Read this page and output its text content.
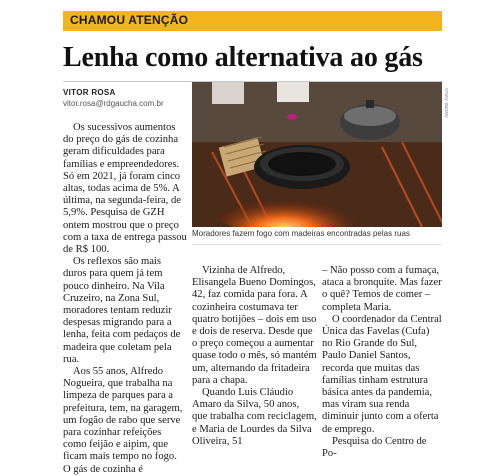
CHAMOU ATENÇÃO
Lenha como alternativa ao gás
VITOR ROSA
vitor.rosa@rdgaucha.com.br	ANDRÉ ÁVILA
Moradores fazem fogo com madeiras encontradas pelas ruas

Os sucessivos aumentos do preço do gás de cozinha geram dificuldades para famílias e empreendedores. Só em 2021, já foram cinco altas, todas acima de 5%. A última, na segunda-feira, de 5,9%. Pesquisa de GZH ontem mostrou que o preço com a taxa de entrega passou de R$ 100.

Os reflexos são mais duros para quem já tem pouco dinheiro. Na Vila Cruzeiro, na Zona Sul, moradores tentam reduzir despesas migrando para a lenha, feita com pedaços de madeira que coletam pela rua.

Aos 55 anos, Alfredo Nogueira, que trabalha na limpeza de parques para a prefeitura, tem, na garagem, um fogão de rabo que serve para cozinhar refeições como feijão e aipim, que ficam mais tempo no fogo. O gás de cozinha é

Vizinha de Alfredo, Elisangela Bueno Domingos, 42, faz comida para fora. A cozinheira costumava ter quatro botijões – dois em uso e dois de reserva. Desde que o preço começou a aumentar quase todo o mês, só mantém um, alternando da fritadeira para a chapa.

Quando Luis Cláudio Amaro da Silva, 50 anos, que trabalha com reciclagem, e Maria de Lourdes da Silva Oliveira, 51

– Não posso com a fumaça, ataca a bronquite. Mas fazer o quê? Temos de comer – completa Maria.

O coordenador da Central Única das Favelas (Cufa) no Rio Grande do Sul, Paulo Daniel Santos, recorda que muitas das famílias tinham estrutura básica antes da pandemia, mas viram sua renda diminuir junto com a oferta de emprego.

Pesquisa do Centro de Po-
